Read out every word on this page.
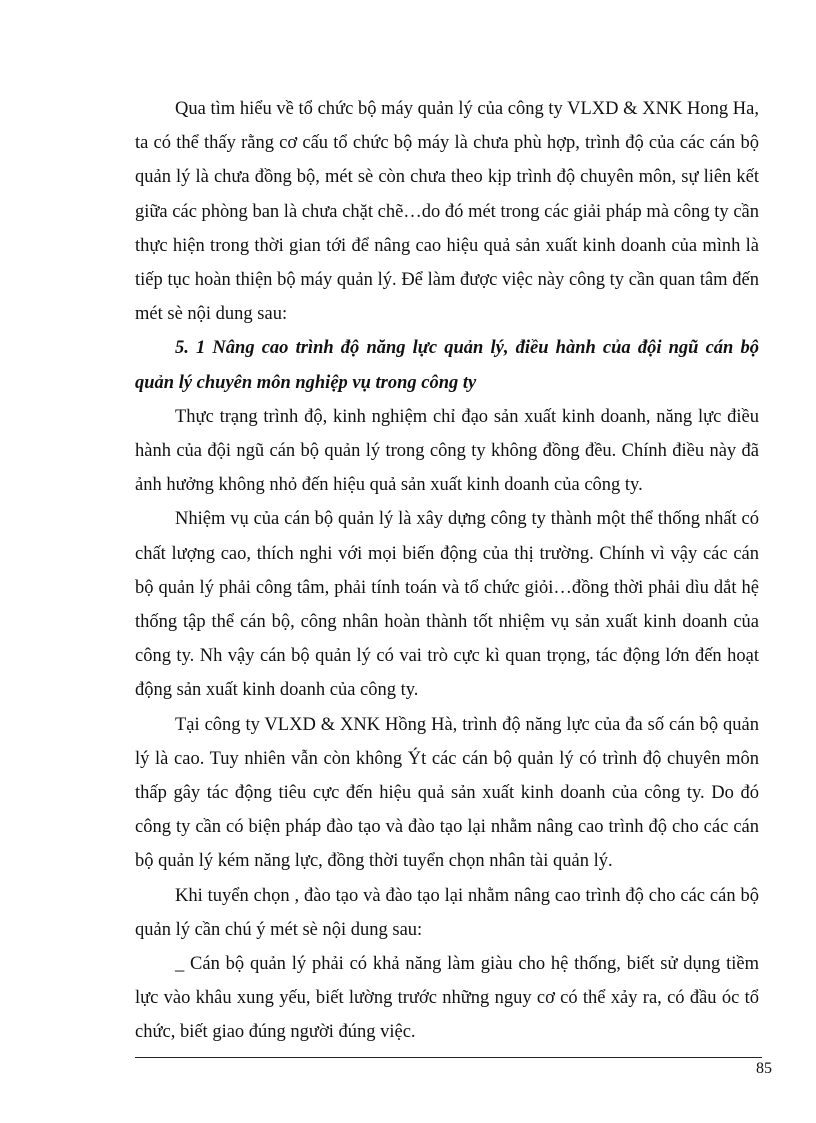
Qua tìm hiểu về tổ chức bộ máy quản lý của công ty VLXD & XNK Hong Ha, ta có thể thấy rằng cơ cấu tổ chức bộ máy là chưa phù hợp, trình độ của các cán bộ quản lý là chưa đồng bộ, mét sè còn chưa theo kịp trình độ chuyên môn, sự liên kết giữa các phòng ban là chưa chặt chẽ…do đó mét trong các giải pháp mà công ty cần thực hiện trong thời gian tới để nâng cao hiệu quả sản xuất kinh doanh của mình là tiếp tục hoàn thiện bộ máy quản lý. Để làm được việc này công ty cần quan tâm đến mét sè nội dung sau:

5. 1 Nâng cao trình độ năng lực quản lý, điều hành của đội ngũ cán bộ quản lý chuyên môn nghiệp vụ trong công ty

Thực trạng trình độ, kinh nghiệm chỉ đạo sản xuất kinh doanh, năng lực điều hành của đội ngũ cán bộ quản lý trong công ty không đồng đều. Chính điều này đã ảnh hưởng không nhỏ đến hiệu quả sản xuất kinh doanh của công ty.

Nhiệm vụ của cán bộ quản lý là xây dựng công ty thành một thể thống nhất có chất lượng cao, thích nghi với mọi biến động của thị trường. Chính vì vậy các cán bộ quản lý phải công tâm, phải tính toán và tổ chức giỏi…đồng thời phải dìu dắt hệ thống tập thể cán bộ, công nhân hoàn thành tốt nhiệm vụ sản xuất kinh doanh của công ty. Nh vậy cán bộ quản lý có vai trò cực kì quan trọng, tác động lớn đến hoạt động sản xuất kinh doanh của công ty.

Tại công ty VLXD & XNK Hồng Hà, trình độ năng lực của đa số cán bộ quản lý là cao. Tuy nhiên vẫn còn không Ýt các cán bộ quản lý có trình độ chuyên môn thấp gây tác động tiêu cực đến hiệu quả sản xuất kinh doanh của công ty. Do đó công ty cần có biện pháp đào tạo và đào tạo lại nhằm nâng cao trình độ cho các cán bộ quản lý kém năng lực, đồng thời tuyển chọn nhân tài quản lý.

Khi tuyển chọn , đào tạo và đào tạo lại nhằm nâng cao trình độ cho các cán bộ quản lý cần chú ý mét sè nội dung sau:

_ Cán bộ quản lý phải có khả năng làm giàu cho hệ thống, biết sử dụng tiềm lực vào khâu xung yếu, biết lường trước những nguy cơ có thể xảy ra, có đầu óc tổ chức, biết giao đúng người đúng việc.

85
